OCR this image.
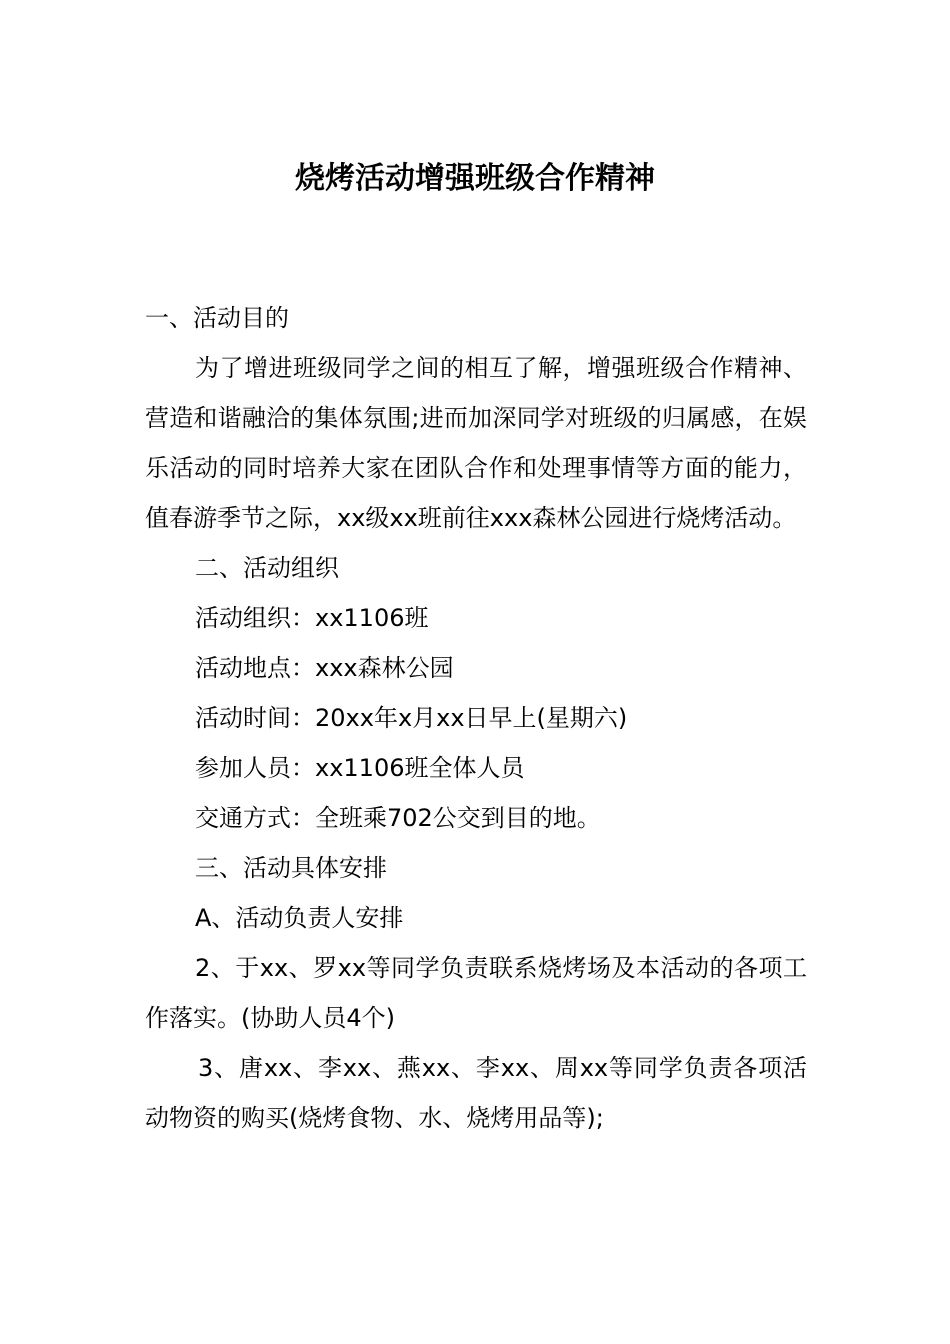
烧烤活动增强班级合作精神

一、活动目的

为了增进班级同学之间的相互了解，增强班级合作精神、营造和谐融洽的集体氛围;进而加深同学对班级的归属感，在娱乐活动的同时培养大家在团队合作和处理事情等方面的能力，值春游季节之际，xx级xx班前往xxx森林公园进行烧烤活动。

二、活动组织

活动组织：xx1106班

活动地点：xxx森林公园

活动时间：20xx年x月xx日早上(星期六)

参加人员：xx1106班全体人员

交通方式：全班乘702公交到目的地。

三、活动具体安排

A、活动负责人安排

2、于xx、罗xx等同学负责联系烧烤场及本活动的各项工作落实。(协助人员4个)

3、唐xx、李xx、燕xx、李xx、周xx等同学负责各项活动物资的购买(烧烤食物、水、烧烤用品等);
